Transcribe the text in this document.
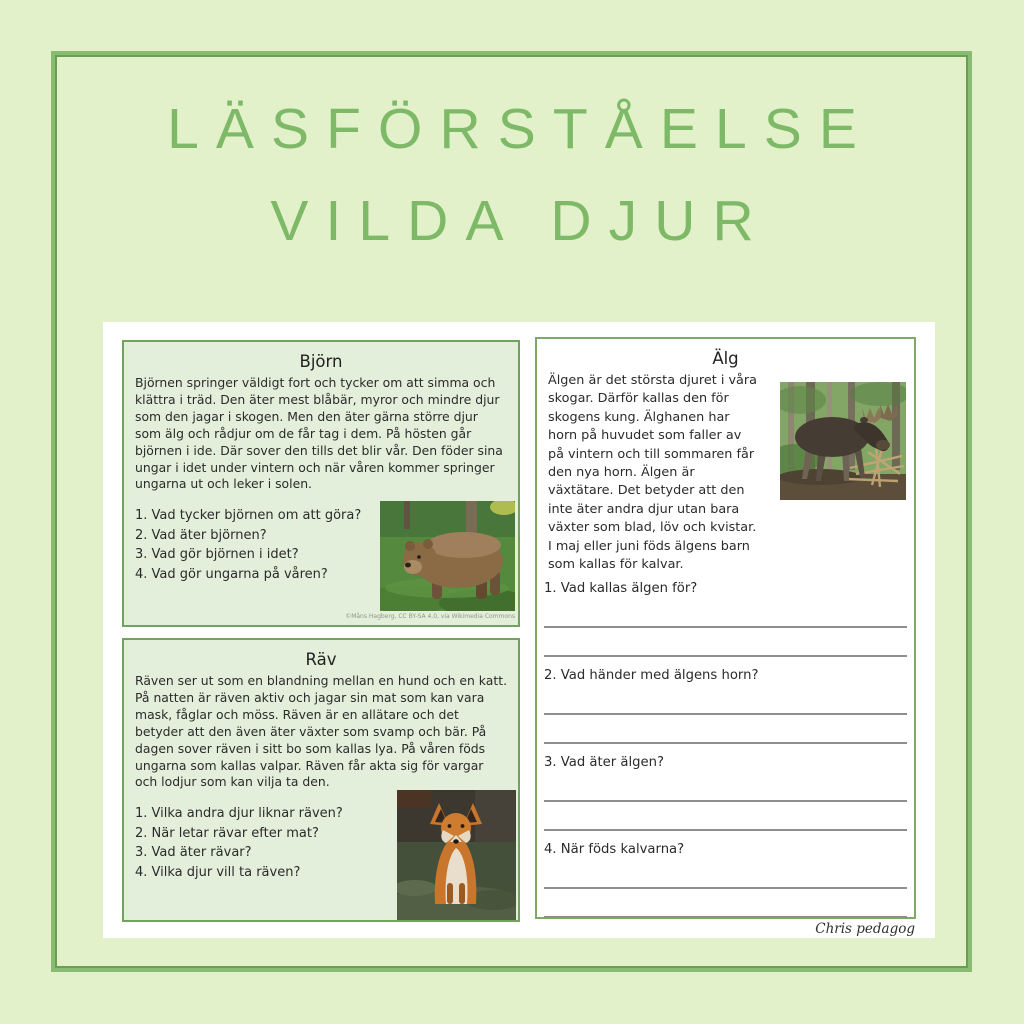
LÄSFÖRSTÅELSE
VILDA DJUR
Björn

Björnen springer väldigt fort och tycker om att simma och klättra i träd. Den äter mest blåbär, myror och mindre djur som den jagar i skogen. Men den äter gärna större djur som älg och rådjur om de får tag i dem. På hösten går björnen i ide. Där sover den tills det blir vår. Den föder sina ungar i idet under vintern och när våren kommer springer ungarna ut och leker i solen.

1. Vad tycker björnen om att göra?
2. Vad äter björnen?
3. Vad gör björnen i idet?
4. Vad gör ungarna på våren?
©Måns Hagberg, CC BY-SA 4.0, via Wikimedia Commons
Räv

Räven ser ut som en blandning mellan en hund och en katt. På natten är räven aktiv och jagar sin mat som kan vara mask, fåglar och möss. Räven är en allätare och det betyder att den även äter växter som svamp och bär. På dagen sover räven i sitt bo som kallas lya. På våren föds ungarna som kallas valpar. Räven får akta sig för vargar och lodjur som kan vilja ta den.

1. Vilka andra djur liknar räven?
2. När letar rävar efter mat?
3. Vad äter rävar?
4. Vilka djur vill ta räven?
Älg

Älgen är det största djuret i våra skogar. Därför kallas den för skogens kung. Älghanen har horn på huvudet som faller av på vintern och till sommaren får den nya horn. Älgen är växtätare. Det betyder att den inte äter andra djur utan bara växter som blad, löv och kvistar. I maj eller juni föds älgens barn som kallas för kalvar.

1. Vad kallas älgen för?
2. Vad händer med älgens horn?
3. Vad äter älgen?
4. När föds kalvarna?
Chris pedagog
